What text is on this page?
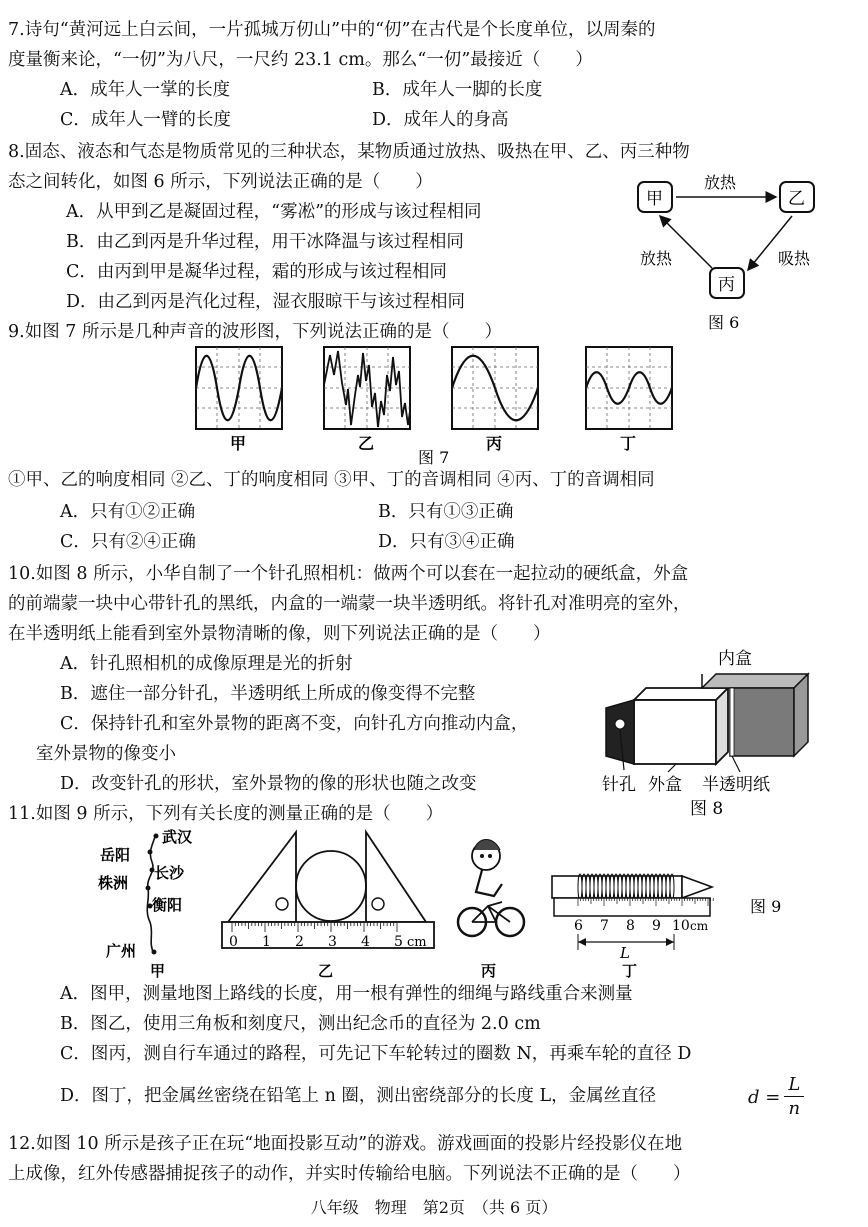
7.诗句“黄河远上白云间，一片孤城万仞山”中的“仞”在古代是个长度单位，以周秦的
度量衡来论，“一仞”为八尺，一尺约 23.1 cm。那么“一仞”最接近（　　）
A．成年人一掌的长度	B．成年人一脚的长度
C．成年人一臂的长度	D．成年人的身高
8.固态、液态和气态是物质常见的三种状态，某物质通过放热、吸热在甲、乙、丙三种物
态之间转化，如图 6 所示，下列说法正确的是（　　）
A．从甲到乙是凝固过程，“雾凇”的形成与该过程相同
B．由乙到丙是升华过程，用干冰降温与该过程相同
C．由丙到甲是凝华过程，霜的形成与该过程相同
D．由乙到丙是汽化过程，湿衣服晾干与该过程相同
甲	乙
丙
放热
放热	吸热
图 6
9.如图 7 所示是几种声音的波形图，下列说法正确的是（　　）
甲	乙	丙	丁
图 7
①甲、乙的响度相同 ②乙、丁的响度相同 ③甲、丁的音调相同 ④丙、丁的音调相同
A．只有①②正确	B．只有①③正确
C．只有②④正确	D．只有③④正确
10.如图 8 所示，小华自制了一个针孔照相机：做两个可以套在一起拉动的硬纸盒，外盒
的前端蒙一块中心带针孔的黑纸，内盒的一端蒙一块半透明纸。将针孔对准明亮的室外，
在半透明纸上能看到室外景物清晰的像，则下列说法正确的是（　　）
A．针孔照相机的成像原理是光的折射
B．遮住一部分针孔，半透明纸上所成的像变得不完整
C．保持针孔和室外景物的距离不变，向针孔方向推动内盒，
室外景物的像变小
D．改变针孔的形状，室外景物的像的形状也随之改变
内盒
针孔 外盒 半透明纸
图 8
11.如图 9 所示，下列有关长度的测量正确的是（　　）
武汉
岳阳
长沙
株洲
衡阳
广州
甲
0 1 2 3 4 5 cm
乙	丙
6 7 8 9 10 cm
L
丁
图 9
A．图甲，测量地图上路线的长度，用一根有弹性的细绳与路线重合来测量
B．图乙，使用三角板和刻度尺，测出纪念币的直径为 2.0 cm
C．图丙，测自行车通过的路程，可先记下车轮转过的圈数 N，再乘车轮的直径 D
D．图丁，把金属丝密绕在铅笔上 n 圈，测出密绕部分的长度 L，金属丝直径	$d = \frac{L}{n}$
12.如图 10 所示是孩子正在玩“地面投影互动”的游戏。游戏画面的投影片经投影仪在地
上成像，红外传感器捕捉孩子的动作，并实时传输给电脑。下列说法不正确的是（　　）
八年级　物理　第2页　（共 6 页）
